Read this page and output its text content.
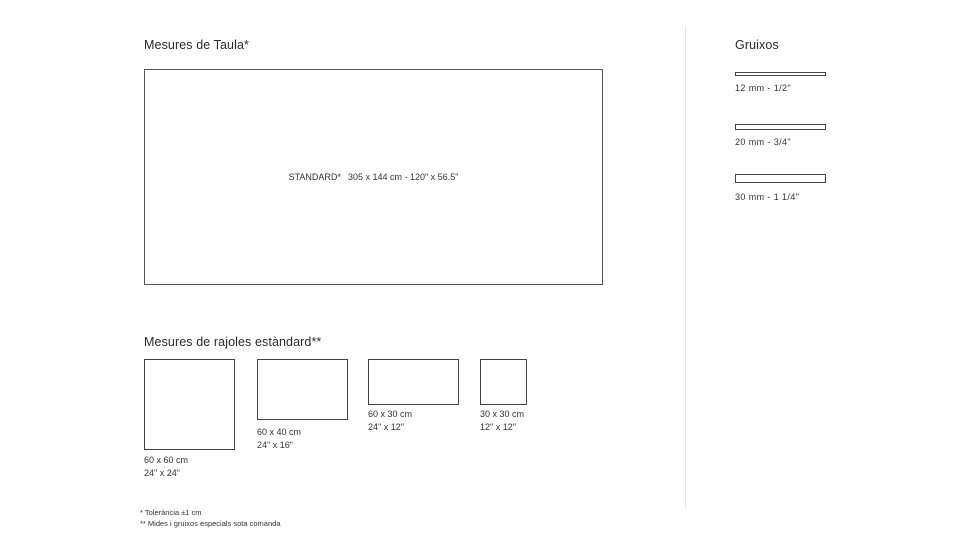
Mesures de Taula*
STANDARD* 305 x 144 cm - 120" x 56.5"
Mesures de rajoles estàndard**
60 x 60 cm
24" x 24"
60 x 40 cm
24" x 16"
60 x 30 cm
24" x 12"
30 x 30 cm
12" x 12"
Gruixos
12 mm - 1/2"
20 mm - 3/4"
30 mm - 1 1/4"
* Tolerància ±1 cm
** Mides i gruixos especials sota comanda
